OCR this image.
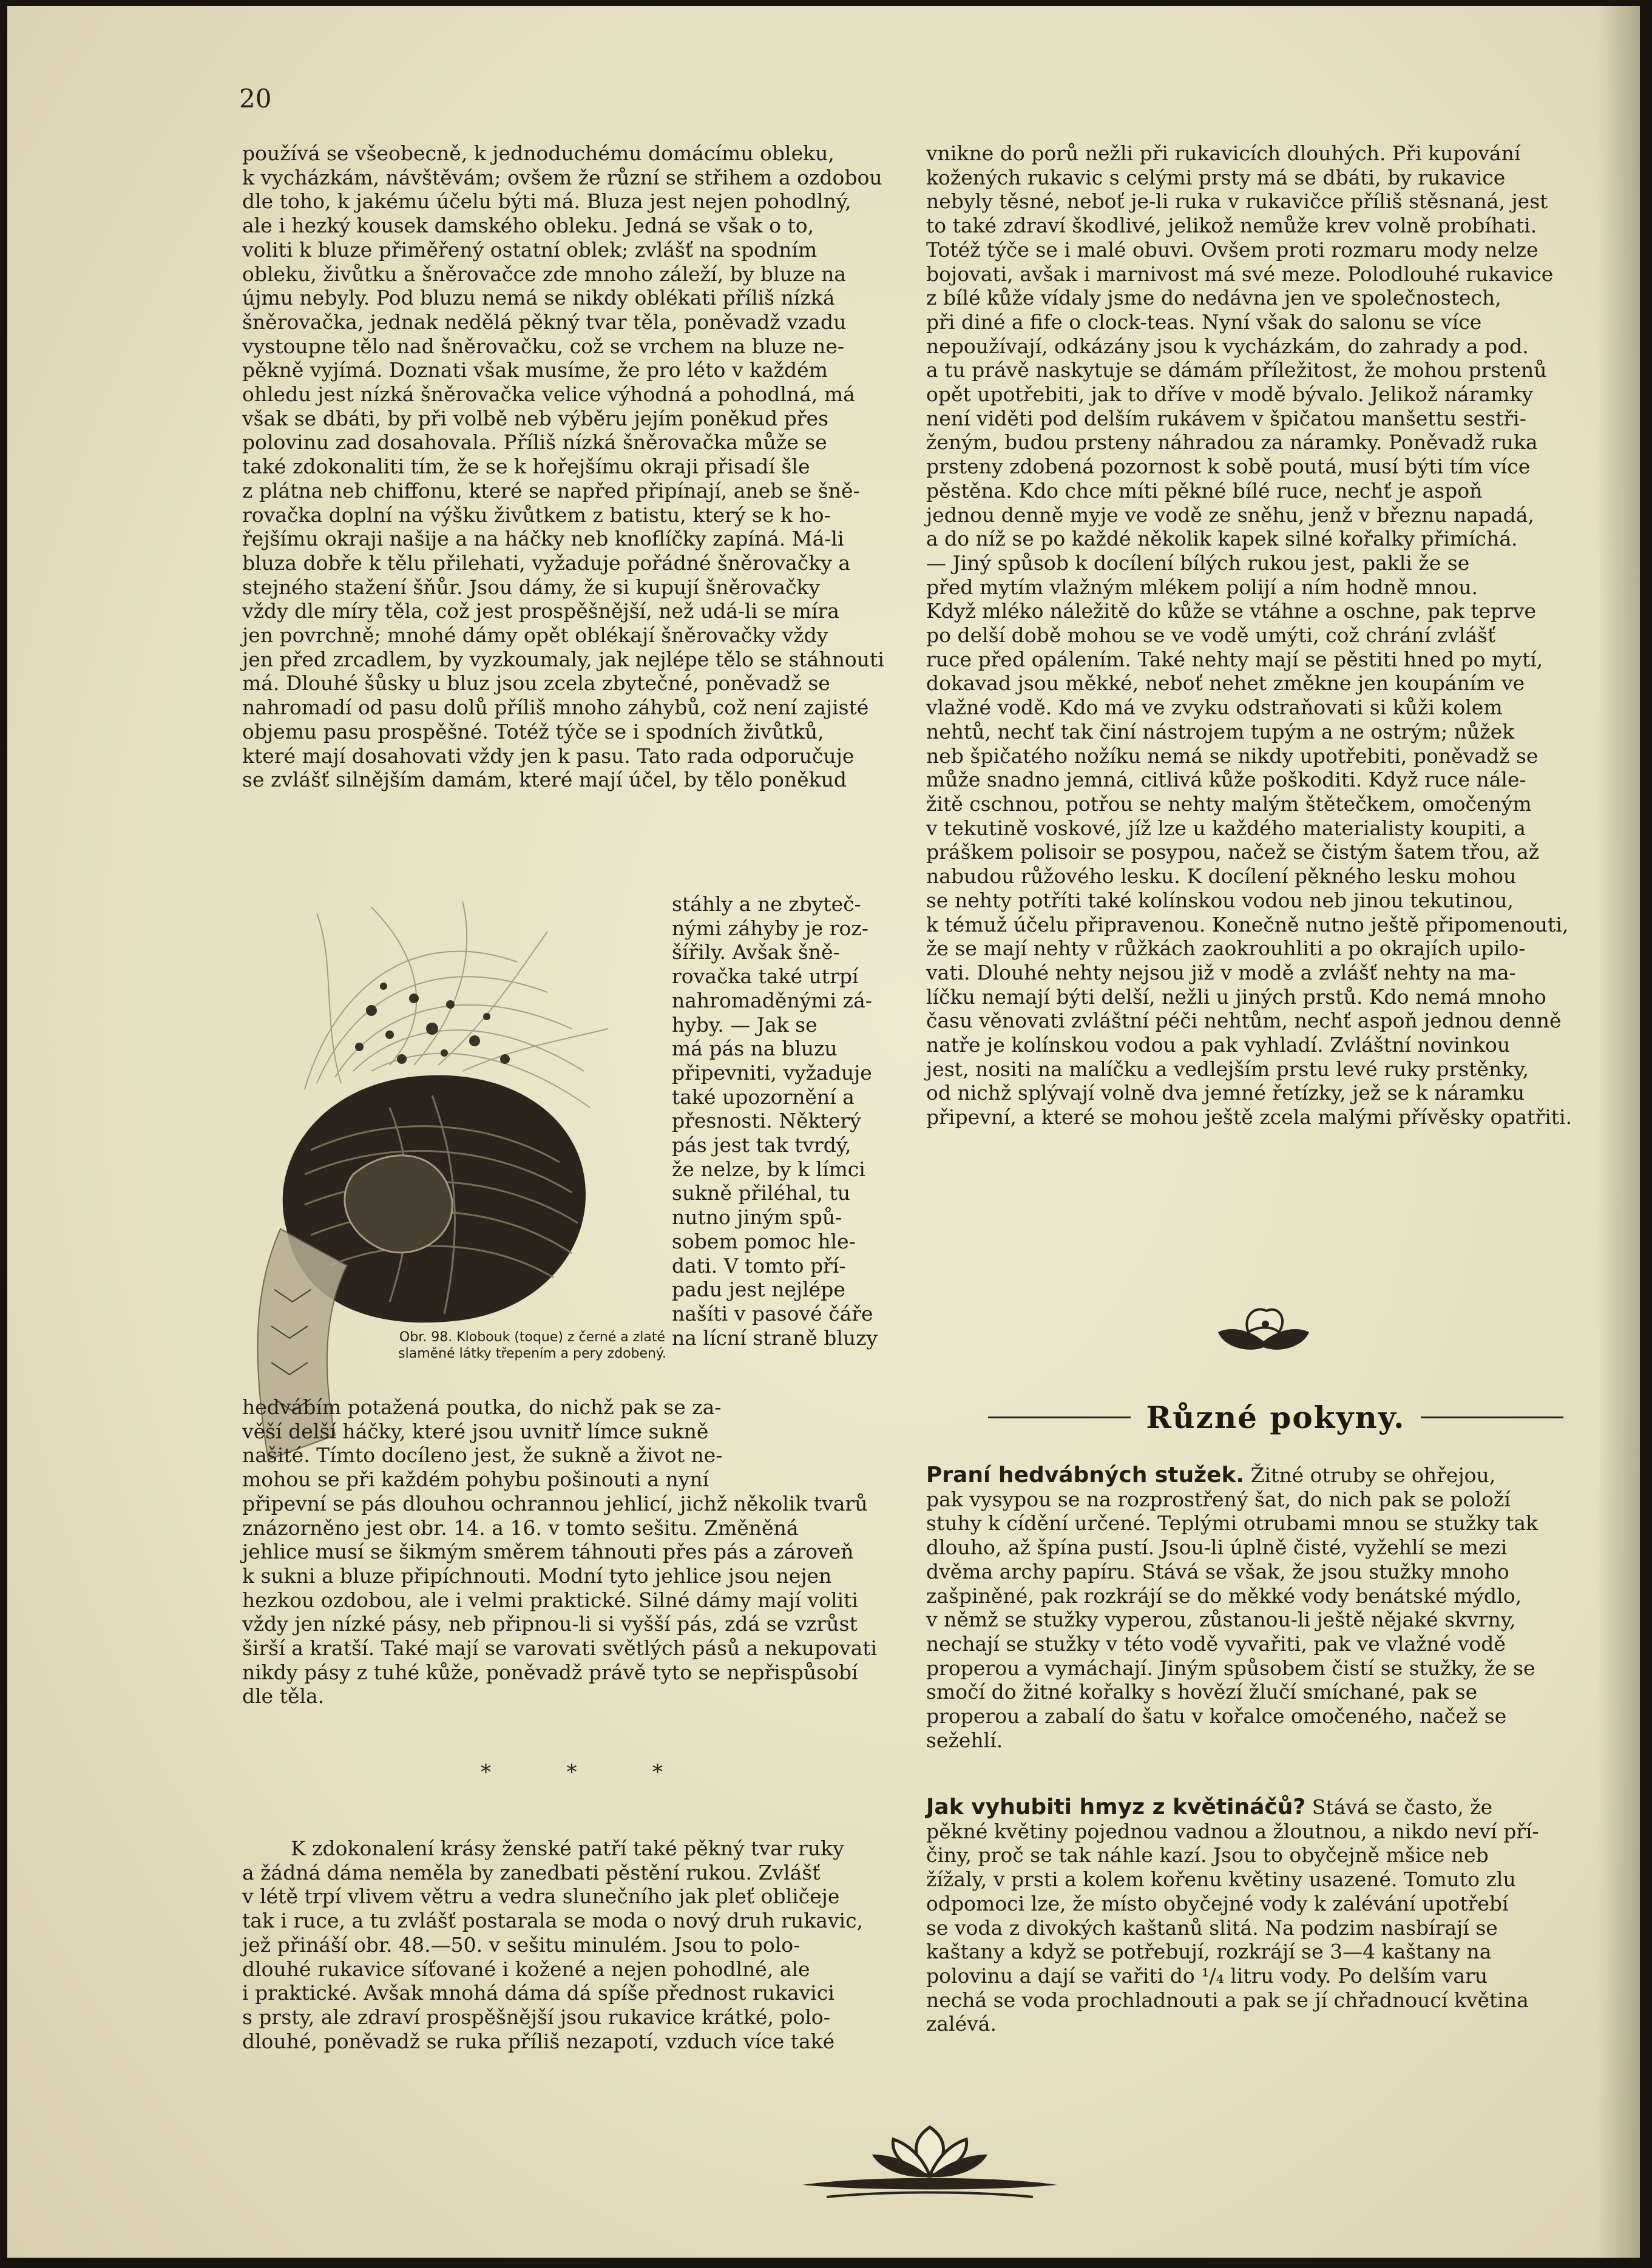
20
používá se všeobecně, k jednoduchému domácímu obleku,
k vycházkám, návštěvám; ovšem že různí se střihem a ozdobou
dle toho, k jakému účelu býti má. Bluza jest nejen pohodlný,
ale i hezký kousek damského obleku. Jedná se však o to,
voliti k bluze přiměřený ostatní oblek; zvlášť na spodním
obleku, živůtku a šněrovačce zde mnoho záleží, by bluze na
újmu nebyly. Pod bluzu nemá se nikdy oblékati příliš nízká
šněrovačka, jednak nedělá pěkný tvar těla, poněvadž vzadu
vystoupne tělo nad šněrovačku, což se vrchem na bluze ne-
pěkně vyjímá. Doznati však musíme, že pro léto v každém
ohledu jest nízká šněrovačka velice výhodná a pohodlná, má
však se dbáti, by při volbě neb výběru jejím poněkud přes
polovinu zad dosahovala. Příliš nízká šněrovačka může se
také zdokonaliti tím, že se k hořejšímu okraji přisadí šle
z plátna neb chiffonu, které se napřed připínají, aneb se šně-
rovačka doplní na výšku živůtkem z batistu, který se k ho-
řejšímu okraji našije a na háčky neb knoflíčky zapíná. Má-li
bluza dobře k tělu přilehati, vyžaduje pořádné šněrovačky a
stejného stažení šňůr. Jsou dámy, že si kupují šněrovačky
vždy dle míry těla, což jest prospěšnější, než udá-li se míra
jen povrchně; mnohé dámy opět oblékají šněrovačky vždy
jen před zrcadlem, by vyzkoumaly, jak nejlépe tělo se stáhnouti
má. Dlouhé šůsky u bluz jsou zcela zbytečné, poněvadž se
nahromadí od pasu dolů příliš mnoho záhybů, což není zajisté
objemu pasu prospěšné. Totéž týče se i spodních živůtků,
které mají dosahovati vždy jen k pasu. Tato rada odporučuje
se zvlášť silnějším damám, které mají účel, by tělo poněkud
Obr. 98. Klobouk (toque) z černé a zlaté slaměné látky třepením a pery zdobený.
stáhly a ne zbyteč-
nými záhyby je roz-
šířily. Avšak šně-
rovačka také utrpí
nahromaděnými zá-
hyby. — Jak se
má pás na bluzu
připevniti, vyžaduje
také upozornění a
přesnosti. Některý
pás jest tak tvrdý,
že nelze, by k límci
sukně přiléhal, tu
nutno jiným spů-
sobem pomoc hle-
dati. V tomto pří-
padu jest nejlépe
našíti v pasové čáře
na lícní straně bluzy
hedvábím potažená poutka, do nichž pak se za-
věší delší háčky, které jsou uvnitř límce sukně
našité. Tímto docíleno jest, že sukně a život ne-
mohou se při každém pohybu pošinouti a nyní
připevní se pás dlouhou ochrannou jehlicí, jichž několik tvarů
znázorněno jest obr. 14. a 16. v tomto sešitu. Změněná
jehlice musí se šikmým směrem táhnouti přes pás a zároveň
k sukni a bluze připíchnouti. Modní tyto jehlice jsou nejen
hezkou ozdobou, ale i velmi praktické. Silné dámy mají voliti
vždy jen nízké pásy, neb připnou-li si vyšší pás, zdá se vzrůst
širší a kratší. Také mají se varovati světlých pásů a nekupovati
nikdy pásy z tuhé kůže, poněvadž právě tyto se nepřispůsobí
dle těla.
*	*	*
K zdokonalení krásy ženské patří také pěkný tvar ruky
a žádná dáma neměla by zanedbati pěstění rukou. Zvlášť
v létě trpí vlivem větru a vedra slunečního jak pleť obličeje
tak i ruce, a tu zvlášť postarala se moda o nový druh rukavic,
jež přináší obr. 48.—50. v sešitu minulém. Jsou to polo-
dlouhé rukavice síťované i kožené a nejen pohodlné, ale
i praktické. Avšak mnohá dáma dá spíše přednost rukavici
s prsty, ale zdraví prospěšnější jsou rukavice krátké, polo-
dlouhé, poněvadž se ruka příliš nezapotí, vzduch více také
vnikne do porů nežli při rukavicích dlouhých. Při kupování
kožených rukavic s celými prsty má se dbáti, by rukavice
nebyly těsné, neboť je-li ruka v rukavičce příliš stěsnaná, jest
to také zdraví škodlivé, jelikož nemůže krev volně probíhati.
Totéž týče se i malé obuvi. Ovšem proti rozmaru mody nelze
bojovati, avšak i marnivost má své meze. Polodlouhé rukavice
z bílé kůže vídaly jsme do nedávna jen ve společnostech,
při diné a fife o clock-teas. Nyní však do salonu se více
nepoužívají, odkázány jsou k vycházkám, do zahrady a pod.
a tu právě naskytuje se dámám příležitost, že mohou prstenů
opět upotřebiti, jak to dříve v modě bývalo. Jelikož náramky
není viděti pod delším rukávem v špičatou manšettu sestři-
ženým, budou prsteny náhradou za náramky. Poněvadž ruka
prsteny zdobená pozornost k sobě poutá, musí býti tím více
pěstěna. Kdo chce míti pěkné bílé ruce, nechť je aspoň
jednou denně myje ve vodě ze sněhu, jenž v březnu napadá,
a do níž se po každé několik kapek silné kořalky přimíchá.
— Jiný spůsob k docílení bílých rukou jest, pakli že se
před mytím vlažným mlékem polijí a ním hodně mnou.
Když mléko náležitě do kůže se vtáhne a oschne, pak teprve
po delší době mohou se ve vodě umýti, což chrání zvlášť
ruce před opálením. Také nehty mají se pěstiti hned po mytí,
dokavad jsou měkké, neboť nehet změkne jen koupáním ve
vlažné vodě. Kdo má ve zvyku odstraňovati si kůži kolem
nehtů, nechť tak činí nástrojem tupým a ne ostrým; nůžek
neb špičatého nožíku nemá se nikdy upotřebiti, poněvadž se
může snadno jemná, citlivá kůže poškoditi. Když ruce nále-
žitě cschnou, potřou se nehty malým štětečkem, omočeným
v tekutině voskové, jíž lze u každého materialisty koupiti, a
práškem polisoir se posypou, načež se čistým šatem třou, až
nabudou růžového lesku. K docílení pěkného lesku mohou
se nehty potříti také kolínskou vodou neb jinou tekutinou,
k témuž účelu připravenou. Konečně nutno ještě připomenouti,
že se mají nehty v růžkách zaokrouhliti a po okrajích upilo-
vati. Dlouhé nehty nejsou již v modě a zvlášť nehty na ma-
líčku nemají býti delší, nežli u jiných prstů. Kdo nemá mnoho
času věnovati zvláštní péči nehtům, nechť aspoň jednou denně
natře je kolínskou vodou a pak vyhladí. Zvláštní novinkou
jest, nositi na malíčku a vedlejším prstu levé ruky prstěnky,
od nichž splývají volně dva jemné řetízky, jež se k náramku
připevní, a které se mohou ještě zcela malými přívěsky opatřiti.
Různé pokyny.
Praní hedvábných stužek. Žitné otruby se ohřejou,
pak vysypou se na rozprostřený šat, do nich pak se položí
stuhy k cídění určené. Teplými otrubami mnou se stužky tak
dlouho, až špína pustí. Jsou-li úplně čisté, vyžehlí se mezi
dvěma archy papíru. Stává se však, že jsou stužky mnoho
zašpiněné, pak rozkrájí se do měkké vody benátské mýdlo,
v němž se stužky vyperou, zůstanou-li ještě nějaké skvrny,
nechají se stužky v této vodě vyvařiti, pak ve vlažné vodě
properou a vymáchají. Jiným spůsobem čistí se stužky, že se
smočí do žitné kořalky s hovězí žlučí smíchané, pak se
properou a zabalí do šatu v kořalce omočeného, načež se
sežehlí.
Jak vyhubiti hmyz z květináčů? Stává se často, že
pěkné květiny pojednou vadnou a žloutnou, a nikdo neví pří-
činy, proč se tak náhle kazí. Jsou to obyčejně mšice neb
žížaly, v prsti a kolem kořenu květiny usazené. Tomuto zlu
odpomoci lze, že místo obyčejné vody k zalévání upotřebí
se voda z divokých kaštanů slitá. Na podzim nasbírají se
kaštany a když se potřebují, rozkrájí se 3—4 kaštany na
polovinu a dají se vařiti do ¹/₄ litru vody. Po delším varu
nechá se voda prochladnouti a pak se jí chřadnoucí květina
zalévá.
